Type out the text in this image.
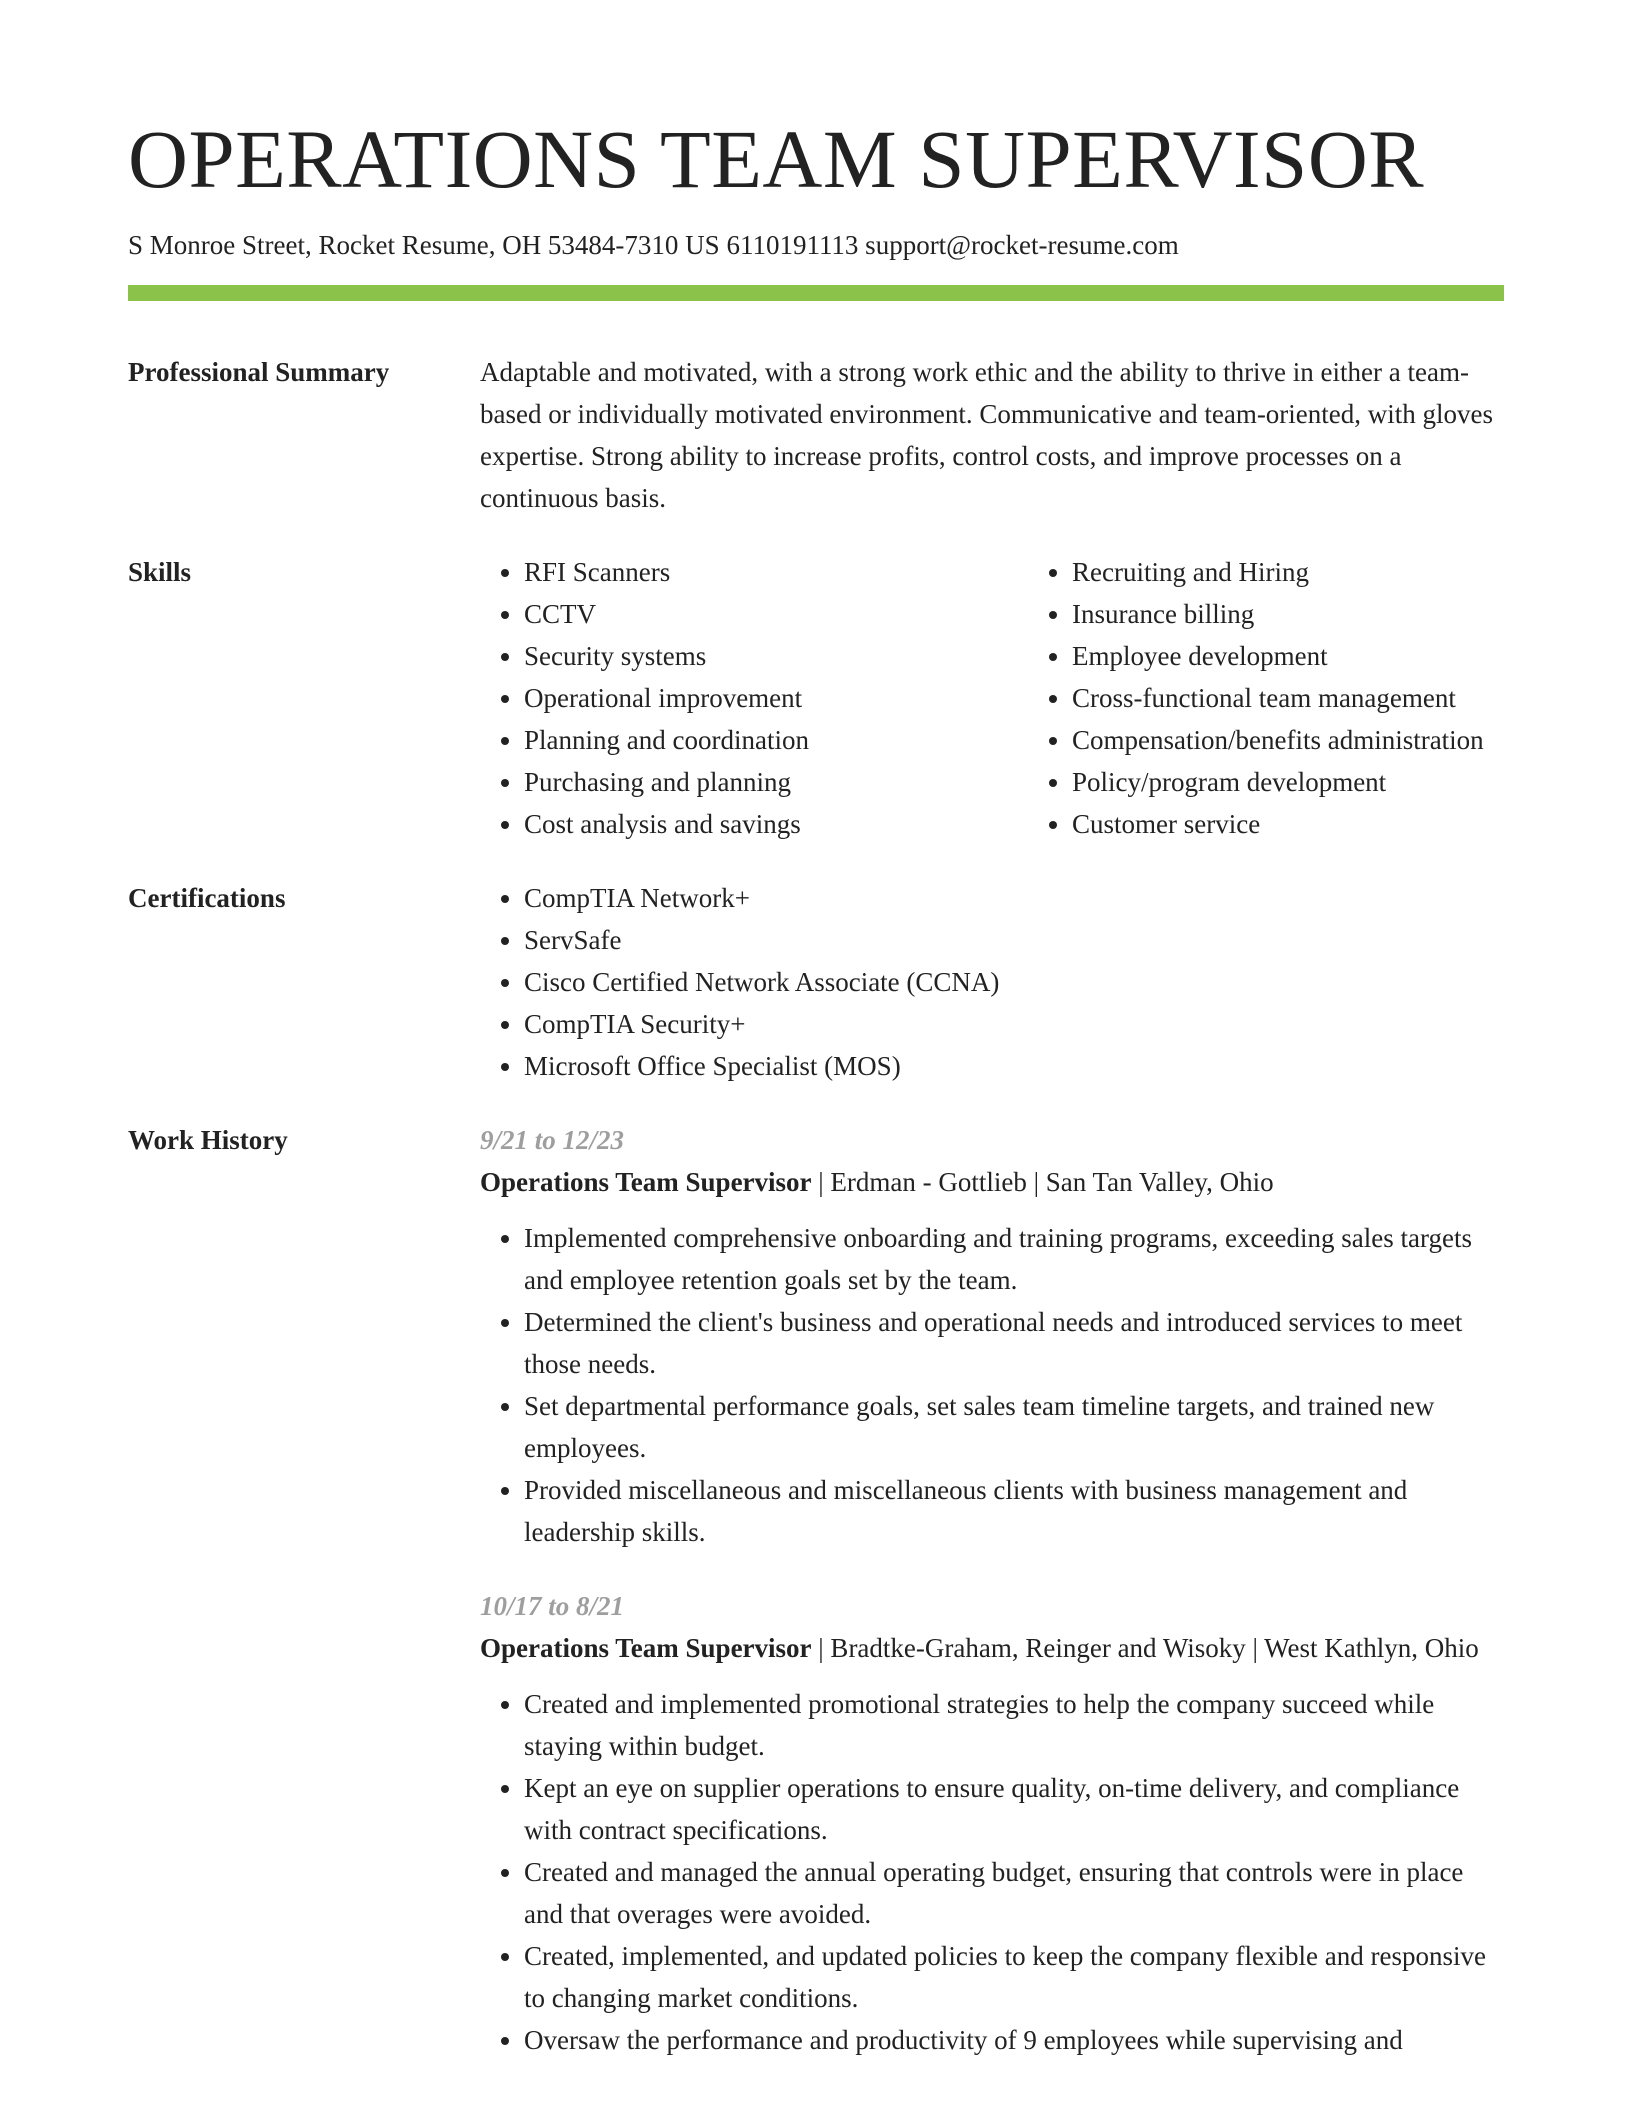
OPERATIONS TEAM SUPERVISOR
S Monroe Street, Rocket Resume, OH 53484-7310 US 6110191113 support@rocket-resume.com
Professional Summary	Adaptable and motivated, with a strong work ethic and the ability to thrive in either a team-based or individually motivated environment. Communicative and team-oriented, with gloves expertise. Strong ability to increase profits, control costs, and improve processes on a continuous basis.

Skills	• RFI Scanners
• CCTV
• Security systems
• Operational improvement
• Planning and coordination
• Purchasing and planning
• Cost analysis and savings
• Recruiting and Hiring
• Insurance billing
• Employee development
• Cross-functional team management
• Compensation/benefits administration
• Policy/program development
• Customer service
Certifications	• CompTIA Network+
• ServSafe
• Cisco Certified Network Associate (CCNA)
• CompTIA Security+
• Microsoft Office Specialist (MOS)
Work History	9/21 to 12/23
Operations Team Supervisor | Erdman - Gottlieb | San Tan Valley, Ohio
• Implemented comprehensive onboarding and training programs, exceeding sales targets and employee retention goals set by the team.
• Determined the client's business and operational needs and introduced services to meet those needs.
• Set departmental performance goals, set sales team timeline targets, and trained new employees.
• Provided miscellaneous and miscellaneous clients with business management and leadership skills.
10/17 to 8/21
Operations Team Supervisor | Bradtke-Graham, Reinger and Wisoky | West Kathlyn, Ohio
• Created and implemented promotional strategies to help the company succeed while staying within budget.
• Kept an eye on supplier operations to ensure quality, on-time delivery, and compliance with contract specifications.
• Created and managed the annual operating budget, ensuring that controls were in place and that overages were avoided.
• Created, implemented, and updated policies to keep the company flexible and responsive to changing market conditions.
• Oversaw the performance and productivity of 9 employees while supervising and
